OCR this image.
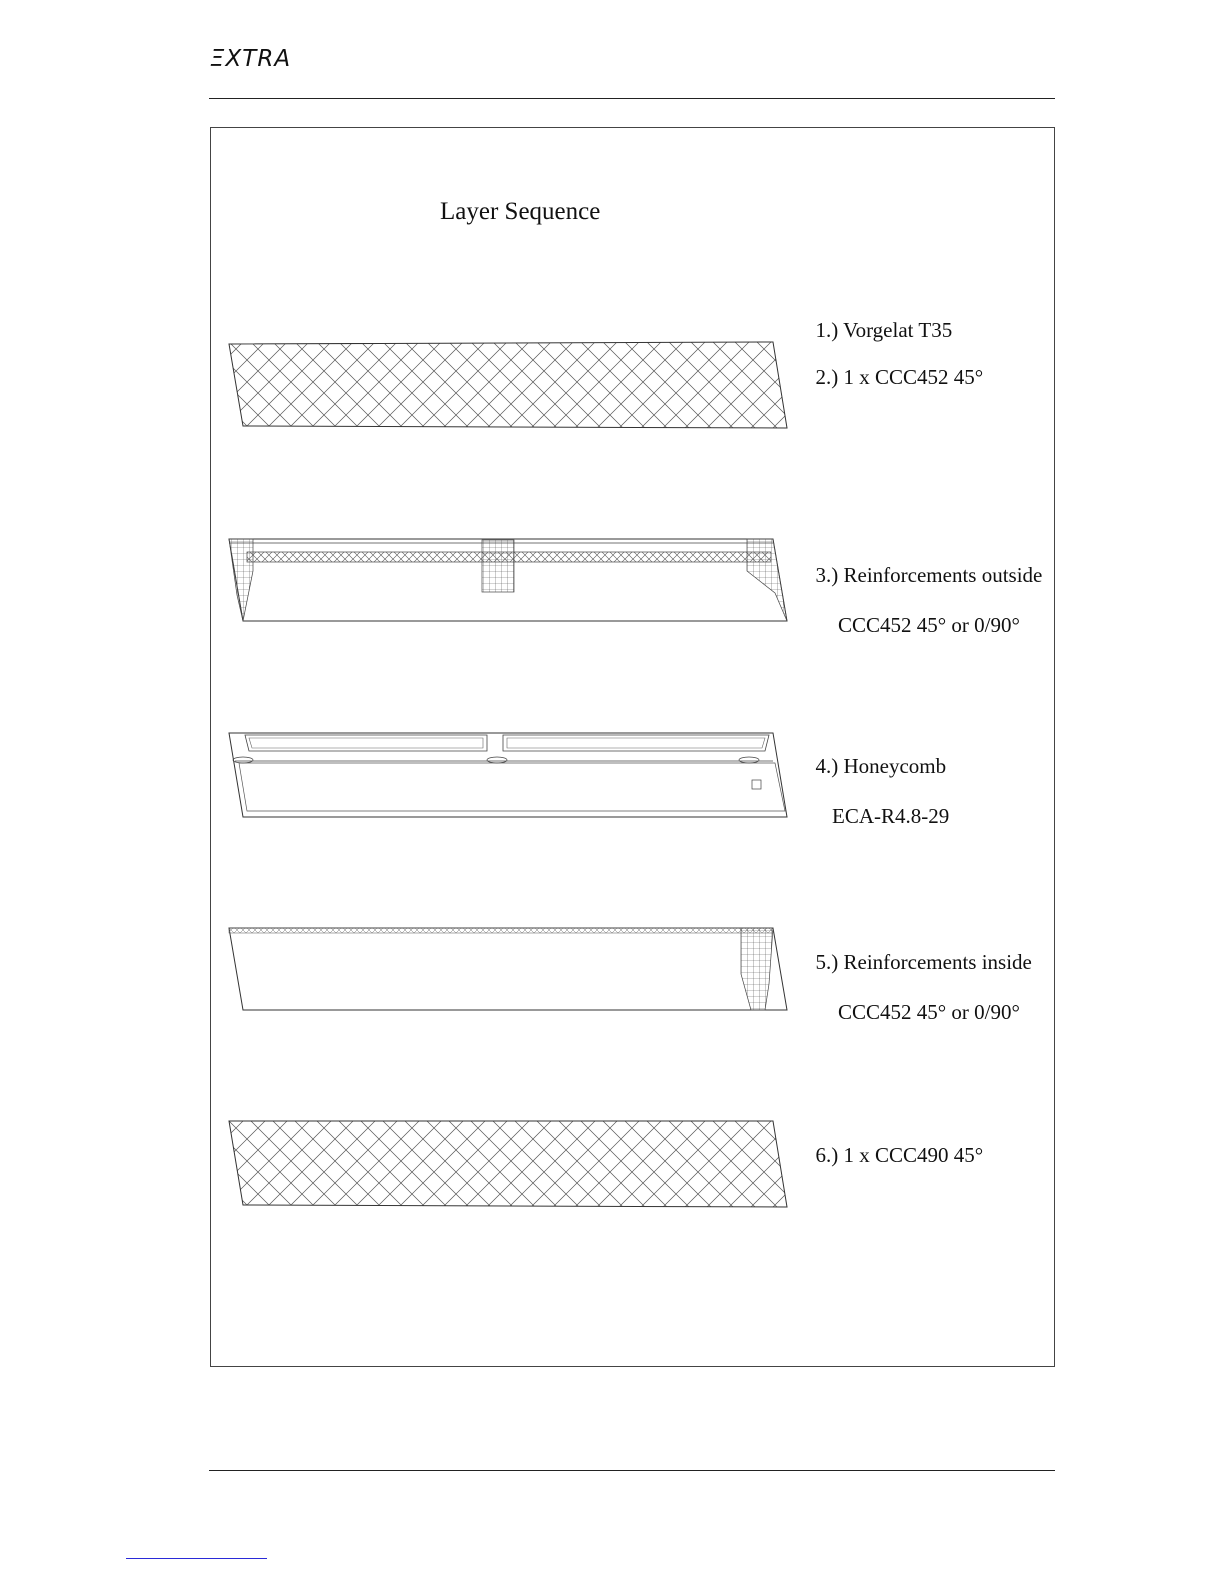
ΞXTRA
Layer Sequence

1.) Vorgelat T35

2.) 1 x CCC452 45°

3.) Reinforcements outside

CCC452 45° or 0/90°

4.) Honeycomb

ECA-R4.8-29

5.) Reinforcements inside

CCC452 45° or 0/90°

6.) 1 x CCC490 45°
